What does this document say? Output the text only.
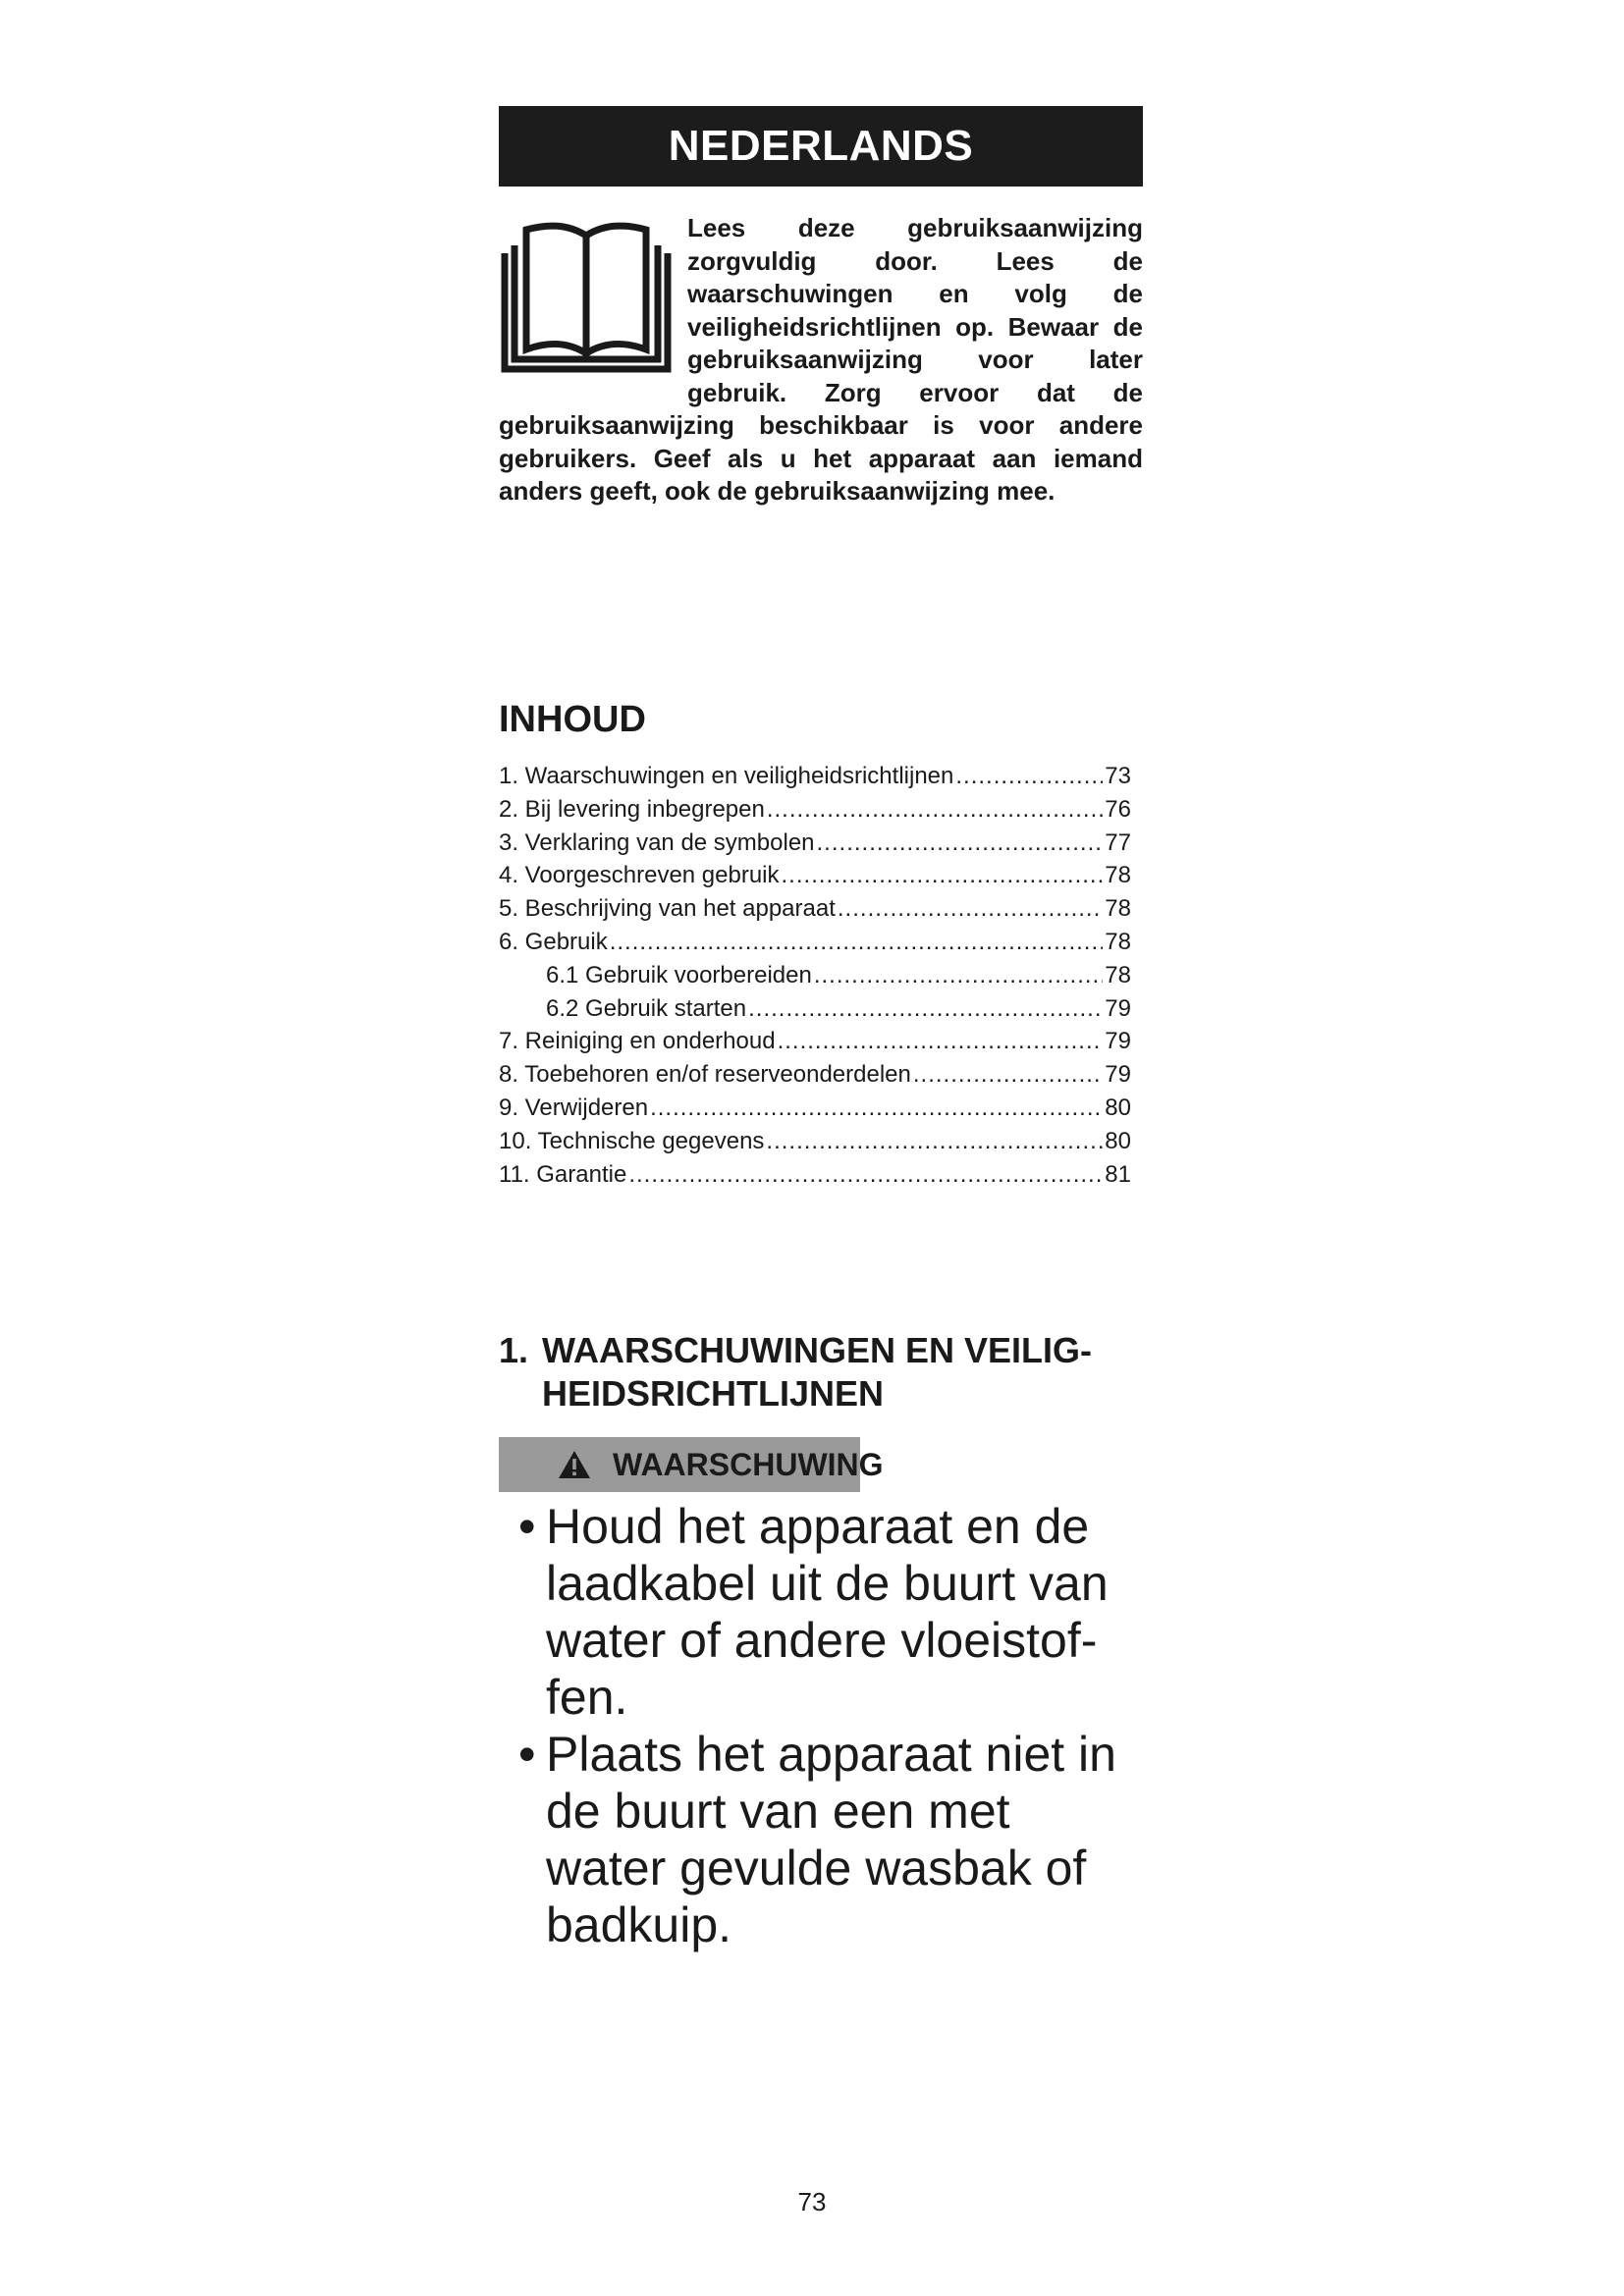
NEDERLANDS
Lees deze gebruiksaanwijzing zorgvuldig door. Lees de waarschuwingen en volg de veiligheidsrichtlijnen op. Bewaar de gebruiksaanwijzing voor later gebruik. Zorg ervoor dat de gebruiksaanwijzing beschikbaar is voor andere gebruikers. Geef als u het apparaat aan iemand anders geeft, ook de gebruiksaanwijzing mee.
INHOUD
1. Waarschuwingen en veiligheidsrichtlijnen .....	73
2. Bij levering inbegrepen .....	76
3. Verklaring van de symbolen .....	77
4. Voorgeschreven gebruik .....	78
5. Beschrijving van het apparaat .....	78
6. Gebruik .....	78
6.1 Gebruik voorbereiden .....	78
6.2 Gebruik starten .....	79
7. Reiniging en onderhoud .....	79
8. Toebehoren en/of reserveonderdelen .....	79
9. Verwijderen .....	80
10. Technische gegevens .....	80
11. Garantie .....	81
1. WAARSCHUWINGEN EN VEILIG-
HEIDSRICHTLIJNEN
WAARSCHUWING
• Houd het apparaat en de laadkabel uit de buurt van water of andere vloeistof-fen.
• Plaats het apparaat niet in de buurt van een met water gevulde wasbak of badkuip.
73
